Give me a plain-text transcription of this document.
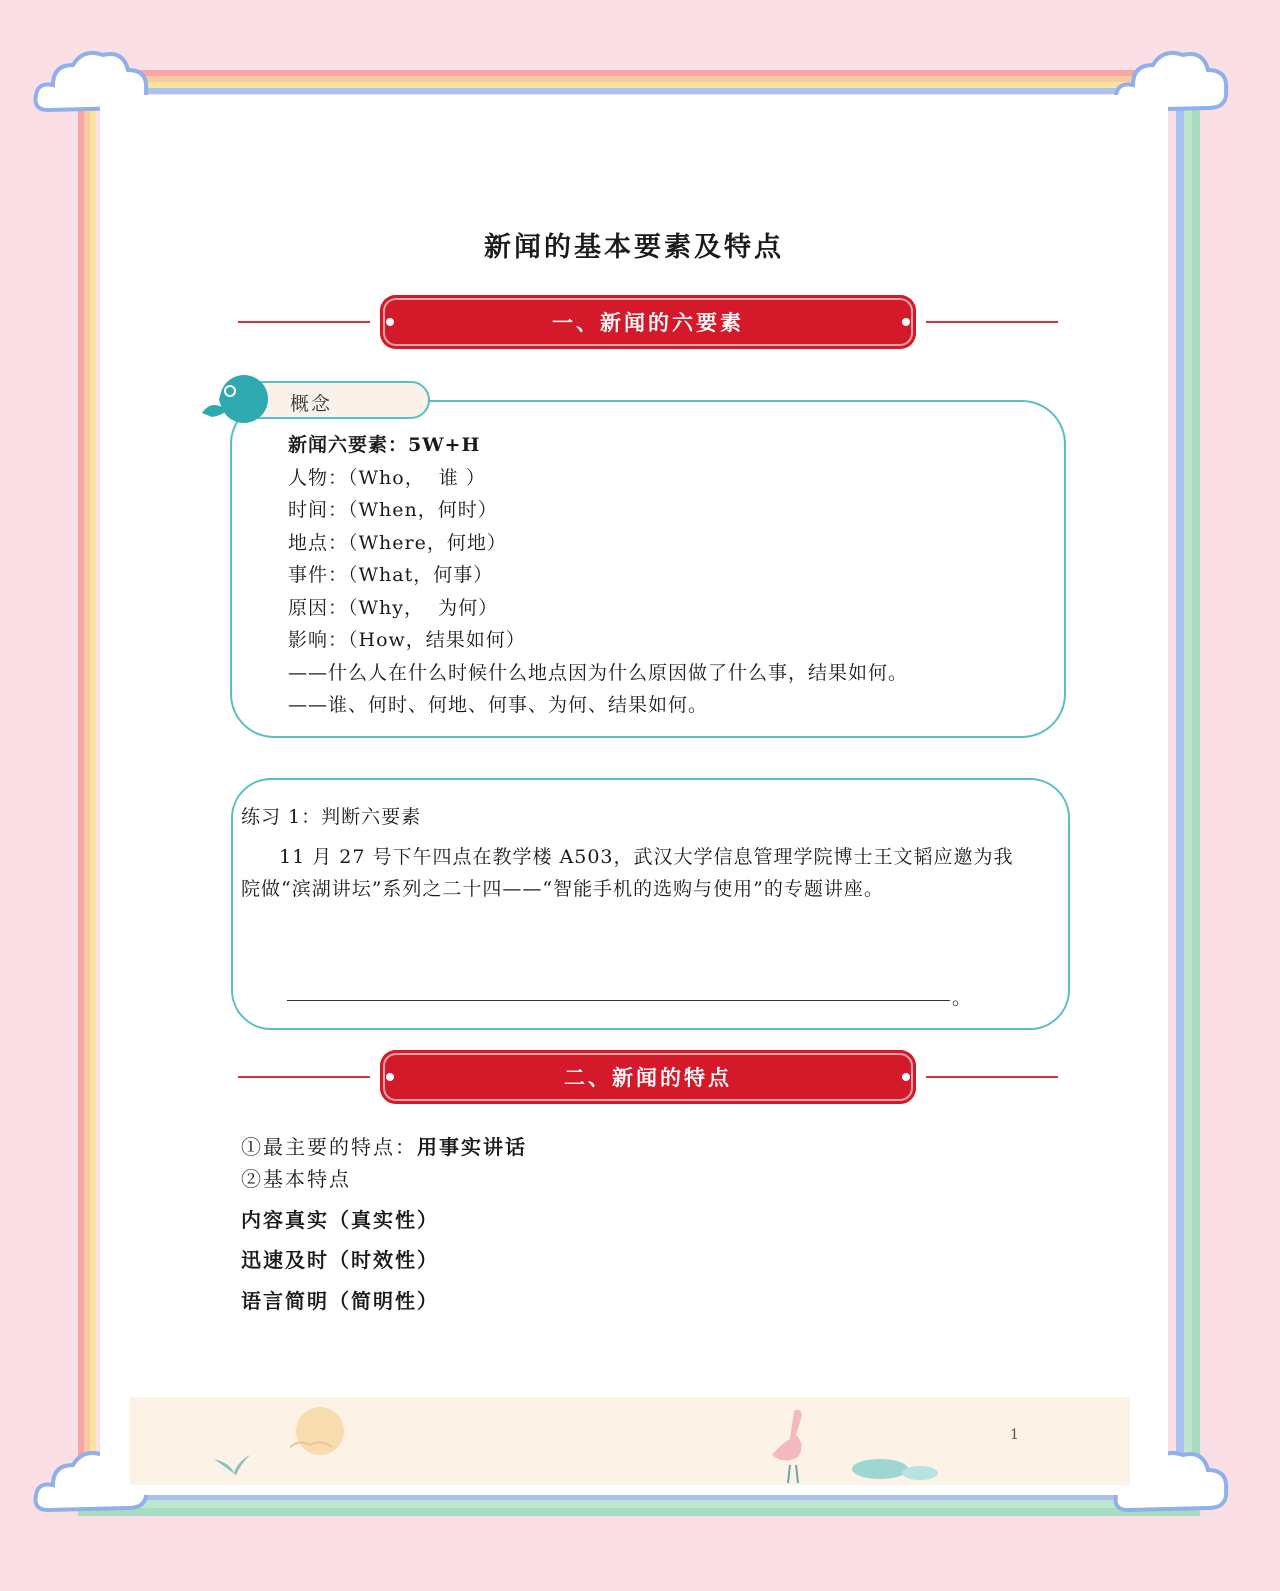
新闻的基本要素及特点
一、新闻的六要素
概念
新闻六要素：5W+H
人物：（Who，  谁 ）
时间：（When，何时）
地点：（Where，何地）
事件：（What，何事）
原因：（Why，  为何）
影响：（How，结果如何）
——什么人在什么时候什么地点因为什么原因做了什么事，结果如何。
——谁、何时、何地、何事、为何、结果如何。
练习 1：判断六要素
11 月 27 号下午四点在教学楼 A503，武汉大学信息管理学院博士王文韬应邀为我院做“滨湖讲坛”系列之二十四——“智能手机的选购与使用”的专题讲座。
。
二、新闻的特点
①最主要的特点：用事实讲话
②基本特点
内容真实（真实性）
迅速及时（时效性）
语言简明（简明性）
1
